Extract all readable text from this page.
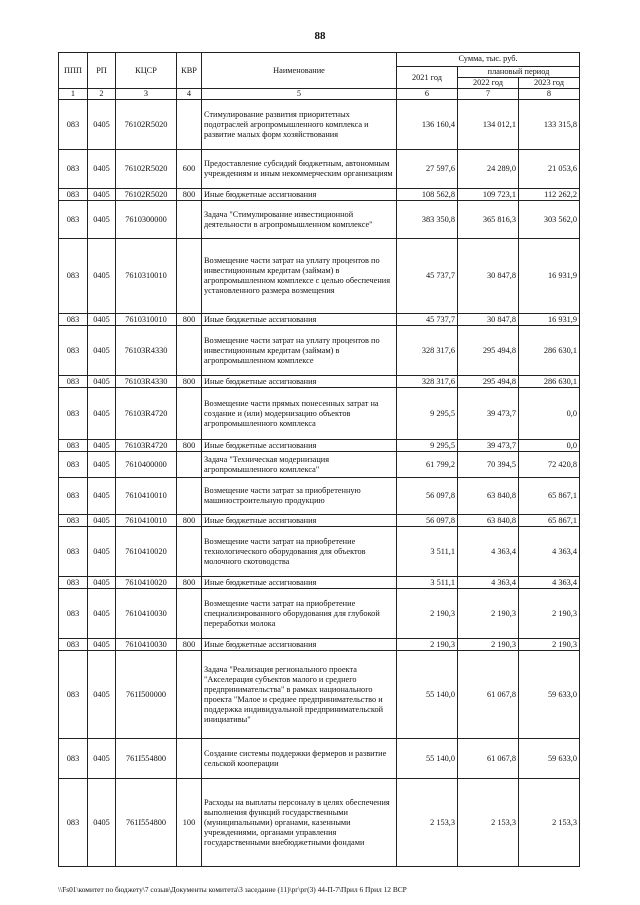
88
ППП	РП	КЦСР	КВР	Наименование	Сумма, тыс. руб.		
					2021 год	плановый период	
						2022 год	2023 год
1	2	3	4	5	6	7	8
083	0405	76102R5020		Стимулирование развития приоритетных подотраслей агропромышленного комплекса и развитие малых форм хозяйствования	136 160,4	134 012,1	133 315,8
083	0405	76102R5020	600	Предоставление субсидий бюджетным, автономным учреждениям и иным некоммерческим организациям	27 597,6	24 289,0	21 053,6
083	0405	76102R5020	800	Иные бюджетные ассигнования	108 562,8	109 723,1	112 262,2
083	0405	7610300000		Задача "Стимулирование инвестиционной деятельности в агропромышленном комплексе"	383 350,8	365 816,3	303 562,0
083	0405	7610310010		Возмещение части затрат на уплату процентов по инвестиционным кредитам (займам) в агропромышленном комплексе с целью обеспечения установленного размера возмещения	45 737,7	30 847,8	16 931,9
083	0405	7610310010	800	Иные бюджетные ассигнования	45 737,7	30 847,8	16 931,9
083	0405	76103R4330		Возмещение части затрат на уплату процентов по инвестиционным кредитам (займам) в агропромышленном комплексе	328 317,6	295 494,8	286 630,1
083	0405	76103R4330	800	Иные бюджетные ассигнования	328 317,6	295 494,8	286 630,1
083	0405	76103R4720		Возмещение части прямых понесенных затрат на создание и (или) модернизацию объектов агропромышленного комплекса	9 295,5	39 473,7	0,0
083	0405	76103R4720	800	Иные бюджетные ассигнования	9 295,5	39 473,7	0,0
083	0405	7610400000		Задача "Техническая модернизация агропромышленного комплекса"	61 799,2	70 394,5	72 420,8
083	0405	7610410010		Возмещение части затрат за приобретенную машиностроительную продукцию	56 097,8	63 840,8	65 867,1
083	0405	7610410010	800	Иные бюджетные ассигнования	56 097,8	63 840,8	65 867,1
083	0405	7610410020		Возмещение части затрат на приобретение технологического оборудования для объектов молочного скотоводства	3 511,1	4 363,4	4 363,4
083	0405	7610410020	800	Иные бюджетные ассигнования	3 511,1	4 363,4	4 363,4
083	0405	7610410030		Возмещение части затрат на приобретение специализированного оборудования для глубокой переработки молока	2 190,3	2 190,3	2 190,3
083	0405	7610410030	800	Иные бюджетные ассигнования	2 190,3	2 190,3	2 190,3
083	0405	761I500000		Задача "Реализация регионального проекта "Акселерация субъектов малого и среднего предпринимательства" в рамках национального проекта "Малое и среднее предпринимательство и поддержка индивидуальной предпринимательской инициативы"	55 140,0	61 067,8	59 633,0
083	0405	761I554800		Создание системы поддержки фермеров и развитие сельской кооперации	55 140,0	61 067,8	59 633,0
083	0405	761I554800	100	Расходы на выплаты персоналу в целях обеспечения выполнения функций государственными (муниципальными) органами, казенными учреждениями, органами управления государственными внебюджетными фондами	2 153,3	2 153,3	2 153,3
\\Fs01\комитет по бюджету\7 созыв\Документы комитета\3 заседание (11)\рг\рг(3) 44-П-7\Прил 6 Прил 12 ВСР
